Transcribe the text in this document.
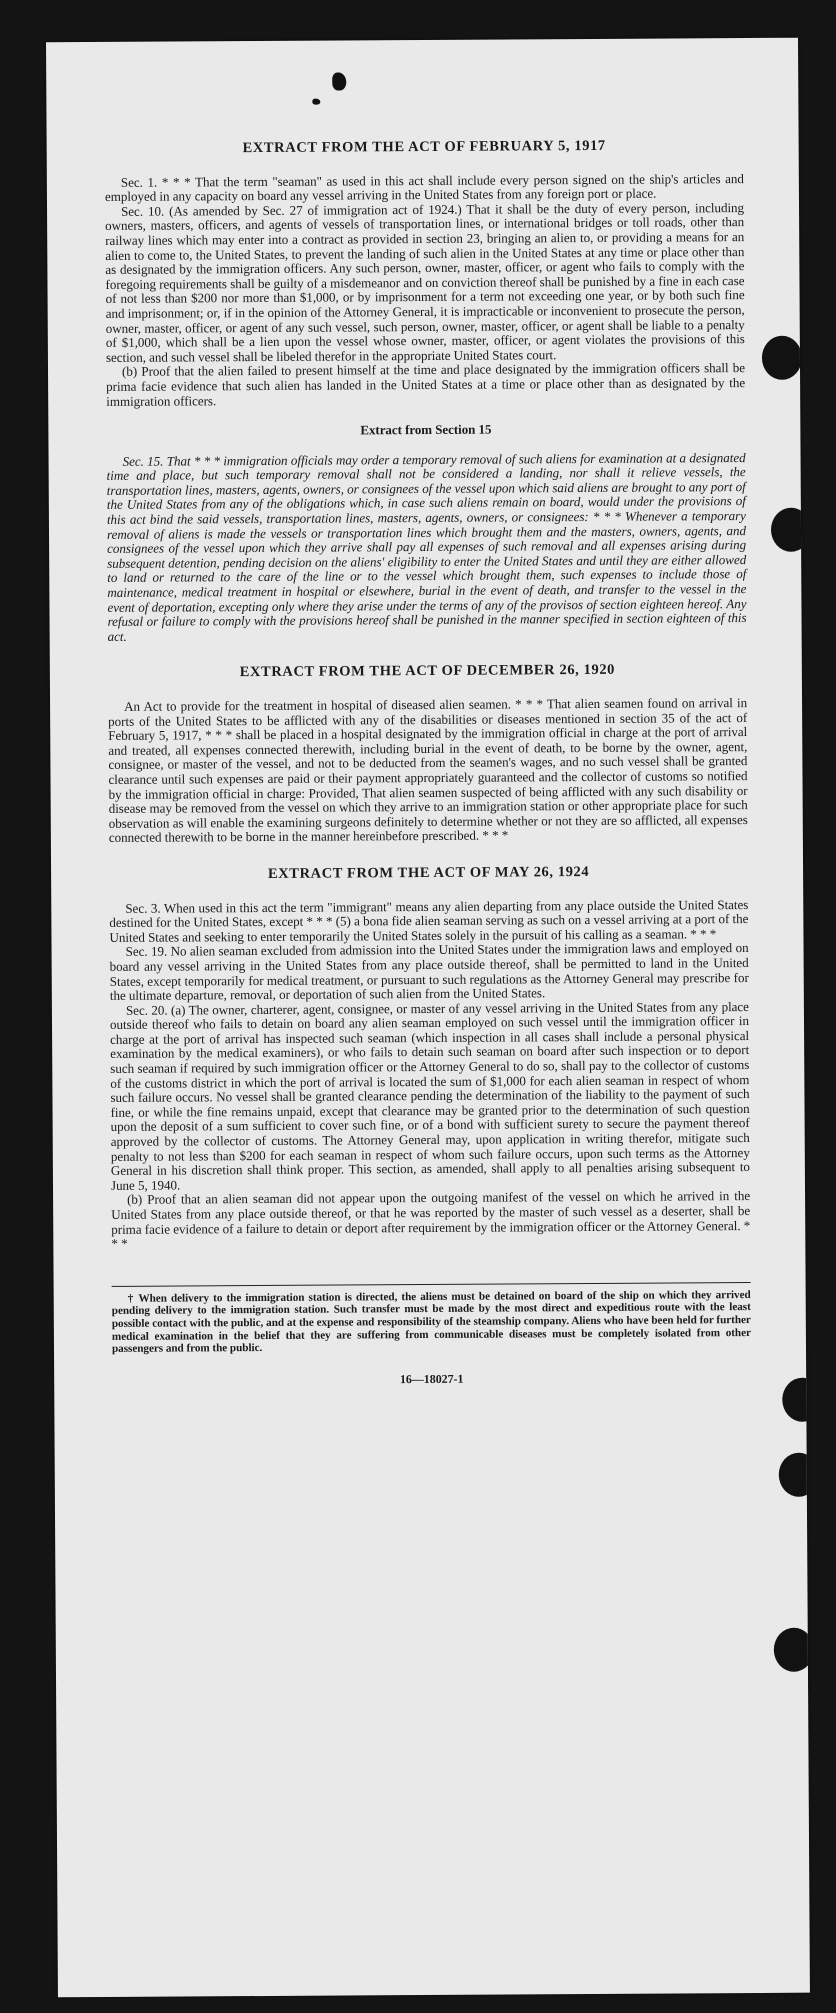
EXTRACT FROM THE ACT OF FEBRUARY 5, 1917

Sec. 1. * * * That the term "seaman" as used in this act shall include every person signed on the ship's articles and employed in any capacity on board any vessel arriving in the United States from any foreign port or place.

Sec. 10. (As amended by Sec. 27 of immigration act of 1924.) That it shall be the duty of every person, including owners, masters, officers, and agents of vessels of transportation lines, or international bridges or toll roads, other than railway lines which may enter into a contract as provided in section 23, bringing an alien to, or providing a means for an alien to come to, the United States, to prevent the landing of such alien in the United States at any time or place other than as designated by the immigration officers. Any such person, owner, master, officer, or agent who fails to comply with the foregoing requirements shall be guilty of a misdemeanor and on conviction thereof shall be punished by a fine in each case of not less than $200 nor more than $1,000, or by imprisonment for a term not exceeding one year, or by both such fine and imprisonment; or, if in the opinion of the Attorney General, it is impracticable or inconvenient to prosecute the person, owner, master, officer, or agent of any such vessel, such person, owner, master, officer, or agent shall be liable to a penalty of $1,000, which shall be a lien upon the vessel whose owner, master, officer, or agent violates the provisions of this section, and such vessel shall be libeled therefor in the appropriate United States court.

(b) Proof that the alien failed to present himself at the time and place designated by the immigration officers shall be prima facie evidence that such alien has landed in the United States at a time or place other than as designated by the immigration officers.

Extract from Section 15

Sec. 15. That * * * immigration officials may order a temporary removal of such aliens for examination at a designated time and place, but such temporary removal shall not be considered a landing, nor shall it relieve vessels, the transportation lines, masters, agents, owners, or consignees of the vessel upon which said aliens are brought to any port of the United States from any of the obligations which, in case such aliens remain on board, would under the provisions of this act bind the said vessels, transportation lines, masters, agents, owners, or consignees: * * * Whenever a temporary removal of aliens is made the vessels or transportation lines which brought them and the masters, owners, agents, and consignees of the vessel upon which they arrive shall pay all expenses of such removal and all expenses arising during subsequent detention, pending decision on the aliens' eligibility to enter the United States and until they are either allowed to land or returned to the care of the line or to the vessel which brought them, such expenses to include those of maintenance, medical treatment in hospital or elsewhere, burial in the event of death, and transfer to the vessel in the event of deportation, excepting only where they arise under the terms of any of the provisos of section eighteen hereof. Any refusal or failure to comply with the provisions hereof shall be punished in the manner specified in section eighteen of this act.

EXTRACT FROM THE ACT OF DECEMBER 26, 1920

An Act to provide for the treatment in hospital of diseased alien seamen. * * * That alien seamen found on arrival in ports of the United States to be afflicted with any of the disabilities or diseases mentioned in section 35 of the act of February 5, 1917, * * * shall be placed in a hospital designated by the immigration official in charge at the port of arrival and treated, all expenses connected therewith, including burial in the event of death, to be borne by the owner, agent, consignee, or master of the vessel, and not to be deducted from the seamen's wages, and no such vessel shall be granted clearance until such expenses are paid or their payment appropriately guaranteed and the collector of customs so notified by the immigration official in charge: Provided, That alien seamen suspected of being afflicted with any such disability or disease may be removed from the vessel on which they arrive to an immigration station or other appropriate place for such observation as will enable the examining surgeons definitely to determine whether or not they are so afflicted, all expenses connected therewith to be borne in the manner hereinbefore prescribed. * * *

EXTRACT FROM THE ACT OF MAY 26, 1924

Sec. 3. When used in this act the term "immigrant" means any alien departing from any place outside the United States destined for the United States, except * * * (5) a bona fide alien seaman serving as such on a vessel arriving at a port of the United States and seeking to enter temporarily the United States solely in the pursuit of his calling as a seaman. * * *

Sec. 19. No alien seaman excluded from admission into the United States under the immigration laws and employed on board any vessel arriving in the United States from any place outside thereof, shall be permitted to land in the United States, except temporarily for medical treatment, or pursuant to such regulations as the Attorney General may prescribe for the ultimate departure, removal, or deportation of such alien from the United States.

Sec. 20. (a) The owner, charterer, agent, consignee, or master of any vessel arriving in the United States from any place outside thereof who fails to detain on board any alien seaman employed on such vessel until the immigration officer in charge at the port of arrival has inspected such seaman (which inspection in all cases shall include a personal physical examination by the medical examiners), or who fails to detain such seaman on board after such inspection or to deport such seaman if required by such immigration officer or the Attorney General to do so, shall pay to the collector of customs of the customs district in which the port of arrival is located the sum of $1,000 for each alien seaman in respect of whom such failure occurs. No vessel shall be granted clearance pending the determination of the liability to the payment of such fine, or while the fine remains unpaid, except that clearance may be granted prior to the determination of such question upon the deposit of a sum sufficient to cover such fine, or of a bond with sufficient surety to secure the payment thereof approved by the collector of customs. The Attorney General may, upon application in writing therefor, mitigate such penalty to not less than $200 for each seaman in respect of whom such failure occurs, upon such terms as the Attorney General in his discretion shall think proper. This section, as amended, shall apply to all penalties arising subsequent to June 5, 1940.

(b) Proof that an alien seaman did not appear upon the outgoing manifest of the vessel on which he arrived in the United States from any place outside thereof, or that he was reported by the master of such vessel as a deserter, shall be prima facie evidence of a failure to detain or deport after requirement by the immigration officer or the Attorney General. * * *

† When delivery to the immigration station is directed, the aliens must be detained on board of the ship on which they arrived pending delivery to the immigration station. Such transfer must be made by the most direct and expeditious route with the least possible contact with the public, and at the expense and responsibility of the steamship company. Aliens who have been held for further medical examination in the belief that they are suffering from communicable diseases must be completely isolated from other passengers and from the public.
16—18027-1
